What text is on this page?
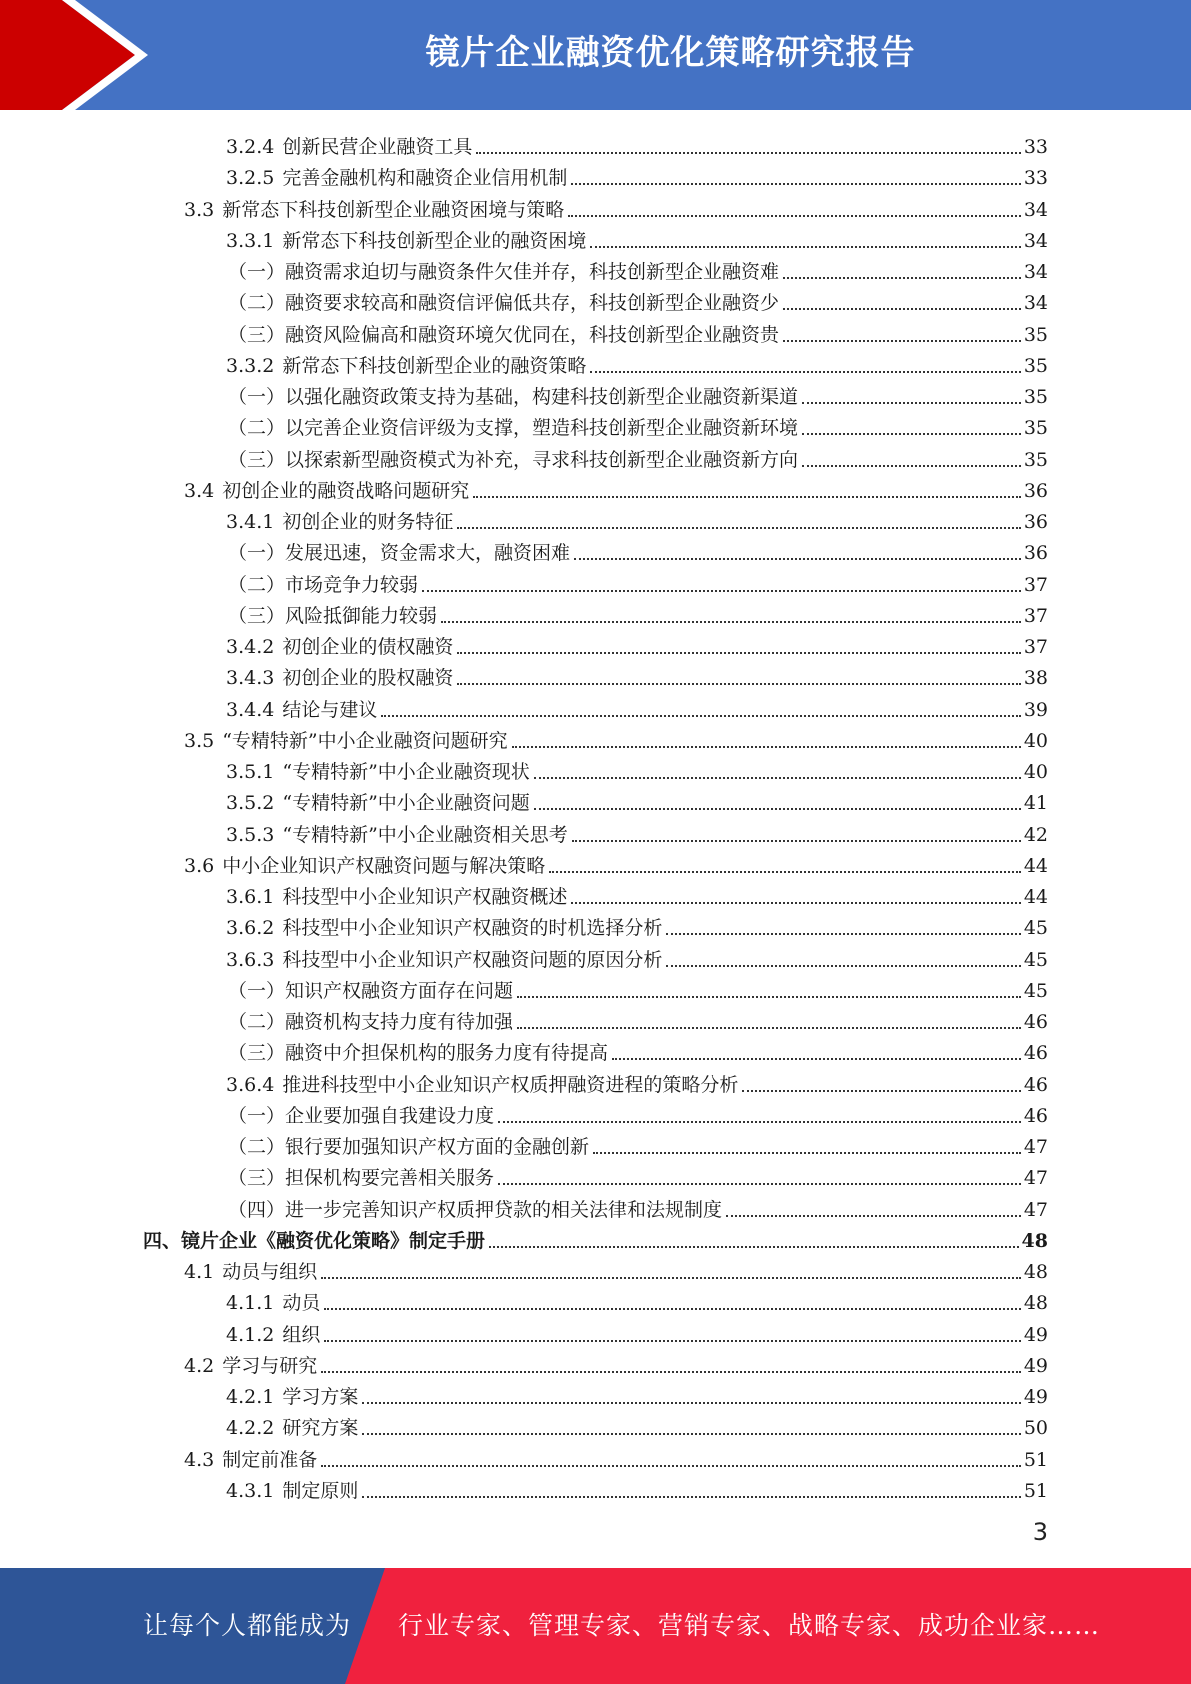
镜片企业融资优化策略研究报告
3.2.4 创新民营企业融资工具	33
3.2.5 完善金融机构和融资企业信用机制	33
3.3 新常态下科技创新型企业融资困境与策略	34
3.3.1 新常态下科技创新型企业的融资困境	34
（一）融资需求迫切与融资条件欠佳并存，科技创新型企业融资难	34
（二）融资要求较高和融资信评偏低共存，科技创新型企业融资少	34
（三）融资风险偏高和融资环境欠优同在，科技创新型企业融资贵	35
3.3.2 新常态下科技创新型企业的融资策略	35
（一）以强化融资政策支持为基础，构建科技创新型企业融资新渠道	35
（二）以完善企业资信评级为支撑，塑造科技创新型企业融资新环境	35
（三）以探索新型融资模式为补充，寻求科技创新型企业融资新方向	35
3.4 初创企业的融资战略问题研究	36
3.4.1 初创企业的财务特征	36
（一）发展迅速，资金需求大，融资困难	36
（二）市场竞争力较弱	37
（三）风险抵御能力较弱	37
3.4.2 初创企业的债权融资	37
3.4.3 初创企业的股权融资	38
3.4.4 结论与建议	39
3.5 “专精特新”中小企业融资问题研究	40
3.5.1 “专精特新”中小企业融资现状	40
3.5.2 “专精特新”中小企业融资问题	41
3.5.3 “专精特新”中小企业融资相关思考	42
3.6 中小企业知识产权融资问题与解决策略	44
3.6.1 科技型中小企业知识产权融资概述	44
3.6.2 科技型中小企业知识产权融资的时机选择分析	45
3.6.3 科技型中小企业知识产权融资问题的原因分析	45
（一）知识产权融资方面存在问题	45
（二）融资机构支持力度有待加强	46
（三）融资中介担保机构的服务力度有待提高	46
3.6.4 推进科技型中小企业知识产权质押融资进程的策略分析	46
（一）企业要加强自我建设力度	46
（二）银行要加强知识产权方面的金融创新	47
（三）担保机构要完善相关服务	47
（四）进一步完善知识产权质押贷款的相关法律和法规制度	47
四、镜片企业《融资优化策略》制定手册	48
4.1 动员与组织	48
4.1.1 动员	48
4.1.2 组织	49
4.2 学习与研究	49
4.2.1 学习方案	49
4.2.2 研究方案	50
4.3 制定前准备	51
4.3.1 制定原则	51
3
让每个人都能成为 行业专家、管理专家、营销专家、战略专家、成功企业家……
